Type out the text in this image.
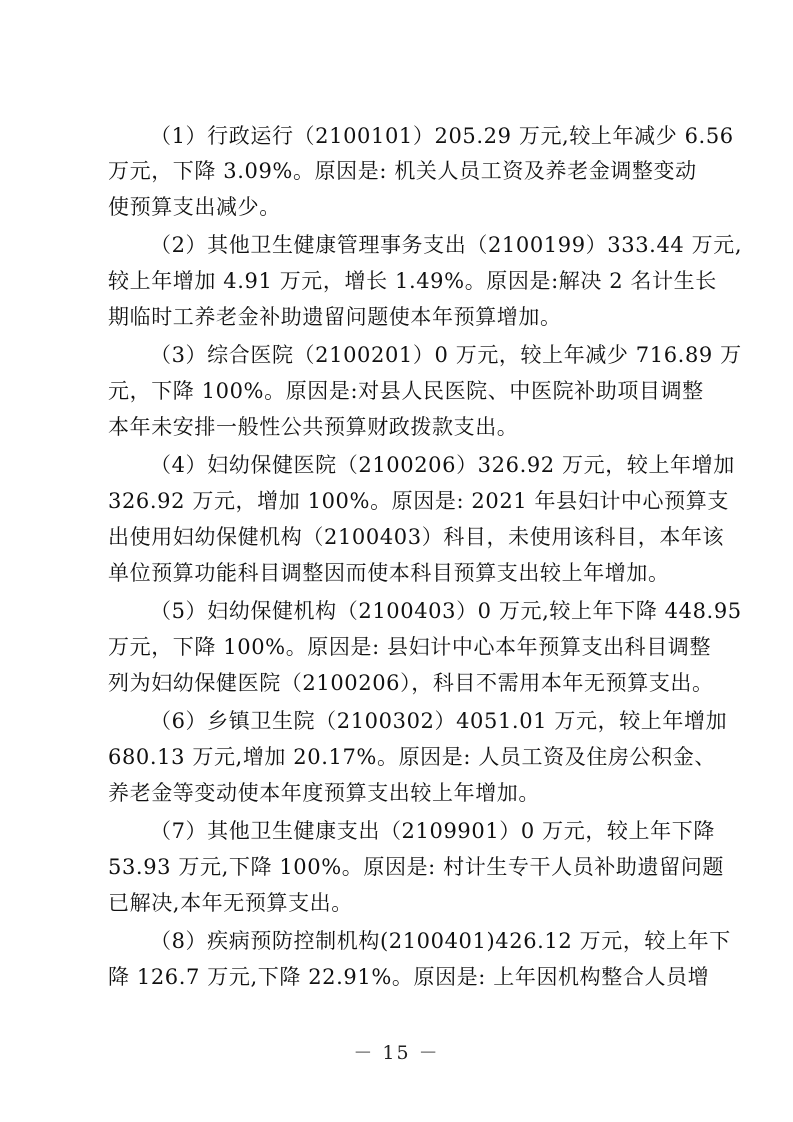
（1）行政运行（2100101）205.29 万元,较上年减少 6.56
万元，下降 3.09%。原因是: 机关人员工资及养老金调整变动
使预算支出减少。
（2）其他卫生健康管理事务支出（2100199）333.44 万元,
较上年增加 4.91 万元，增长 1.49%。原因是:解决 2 名计生长
期临时工养老金补助遗留问题使本年预算增加。
（3）综合医院（2100201）0 万元，较上年减少 716.89 万
元，下降 100%。原因是:对县人民医院、中医院补助项目调整
本年未安排一般性公共预算财政拨款支出。
（4）妇幼保健医院（2100206）326.92 万元，较上年增加
326.92 万元，增加 100%。原因是: 2021 年县妇计中心预算支
出使用妇幼保健机构（2100403）科目，未使用该科目，本年该
单位预算功能科目调整因而使本科目预算支出较上年增加。
（5）妇幼保健机构（2100403）0 万元,较上年下降 448.95
万元，下降 100%。原因是: 县妇计中心本年预算支出科目调整
列为妇幼保健医院（2100206），科目不需用本年无预算支出。
（6）乡镇卫生院（2100302）4051.01 万元，较上年增加
680.13 万元,增加 20.17%。原因是: 人员工资及住房公积金、
养老金等变动使本年度预算支出较上年增加。
（7）其他卫生健康支出（2109901）0 万元，较上年下降
53.93 万元,下降 100%。原因是: 村计生专干人员补助遗留问题
已解决,本年无预算支出。
（8）疾病预防控制机构(2100401)426.12 万元，较上年下
降 126.7 万元,下降 22.91%。原因是: 上年因机构整合人员增
－ 15 －
